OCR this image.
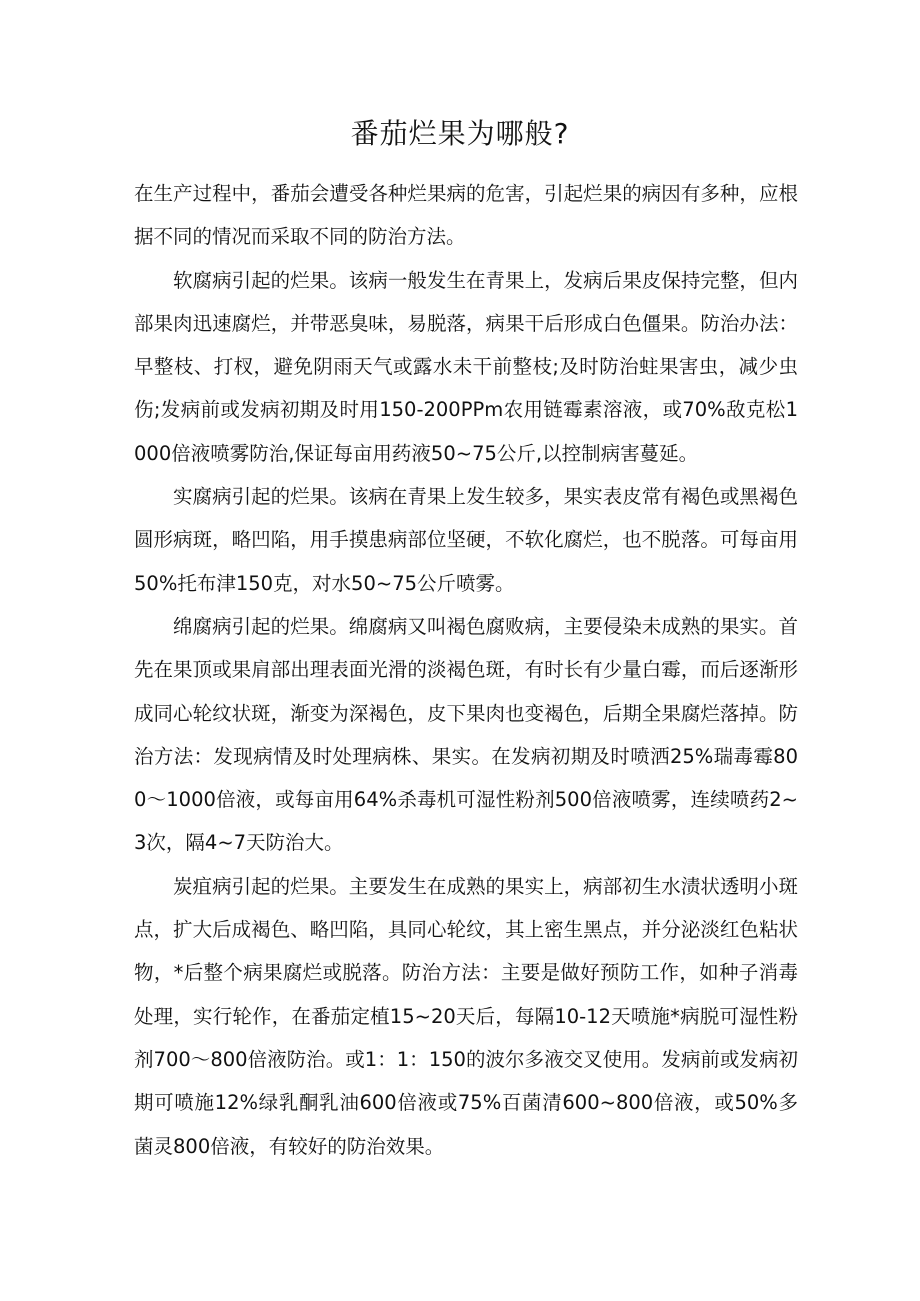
番茄烂果为哪般?

在生产过程中，番茄会遭受各种烂果病的危害，引起烂果的病因有多种，应根据不同的情况而采取不同的防治方法。

软腐病引起的烂果。该病一般发生在青果上，发病后果皮保持完整，但内部果肉迅速腐烂，并带恶臭味，易脱落，病果干后形成白色僵果。防治办法：早整枝、打杈，避免阴雨天气或露水未干前整枝;及时防治蛀果害虫，减少虫伤;发病前或发病初期及时用150-200PPm农用链霉素溶液，或70%敌克松1000倍液喷雾防治,保证每亩用药液50~75公斤,以控制病害蔓延。

实腐病引起的烂果。该病在青果上发生较多，果实表皮常有褐色或黑褐色圆形病斑，略凹陷，用手摸患病部位坚硬，不软化腐烂，也不脱落。可每亩用50%托布津150克，对水50~75公斤喷雾。

绵腐病引起的烂果。绵腐病又叫褐色腐败病，主要侵染未成熟的果实。首先在果顶或果肩部出理表面光滑的淡褐色斑，有时长有少量白霉，而后逐渐形成同心轮纹状斑，渐变为深褐色，皮下果肉也变褐色，后期全果腐烂落掉。防治方法：发现病情及时处理病株、果实。在发病初期及时喷洒25%瑞毒霉800～1000倍液，或每亩用64%杀毒机可湿性粉剂500倍液喷雾，连续喷药2~3次，隔4~7天防治大。

炭疽病引起的烂果。主要发生在成熟的果实上，病部初生水渍状透明小斑点，扩大后成褐色、略凹陷，具同心轮纹，其上密生黑点，并分泌淡红色粘状物，*后整个病果腐烂或脱落。防治方法：主要是做好预防工作，如种子消毒处理，实行轮作，在番茄定植15~20天后，每隔10-12天喷施*病脱可湿性粉剂700～800倍液防治。或1：1：150的波尔多液交叉使用。发病前或发病初期可喷施12%绿乳酮乳油600倍液或75%百菌清600~800倍液，或50%多菌灵800倍液，有较好的防治效果。
